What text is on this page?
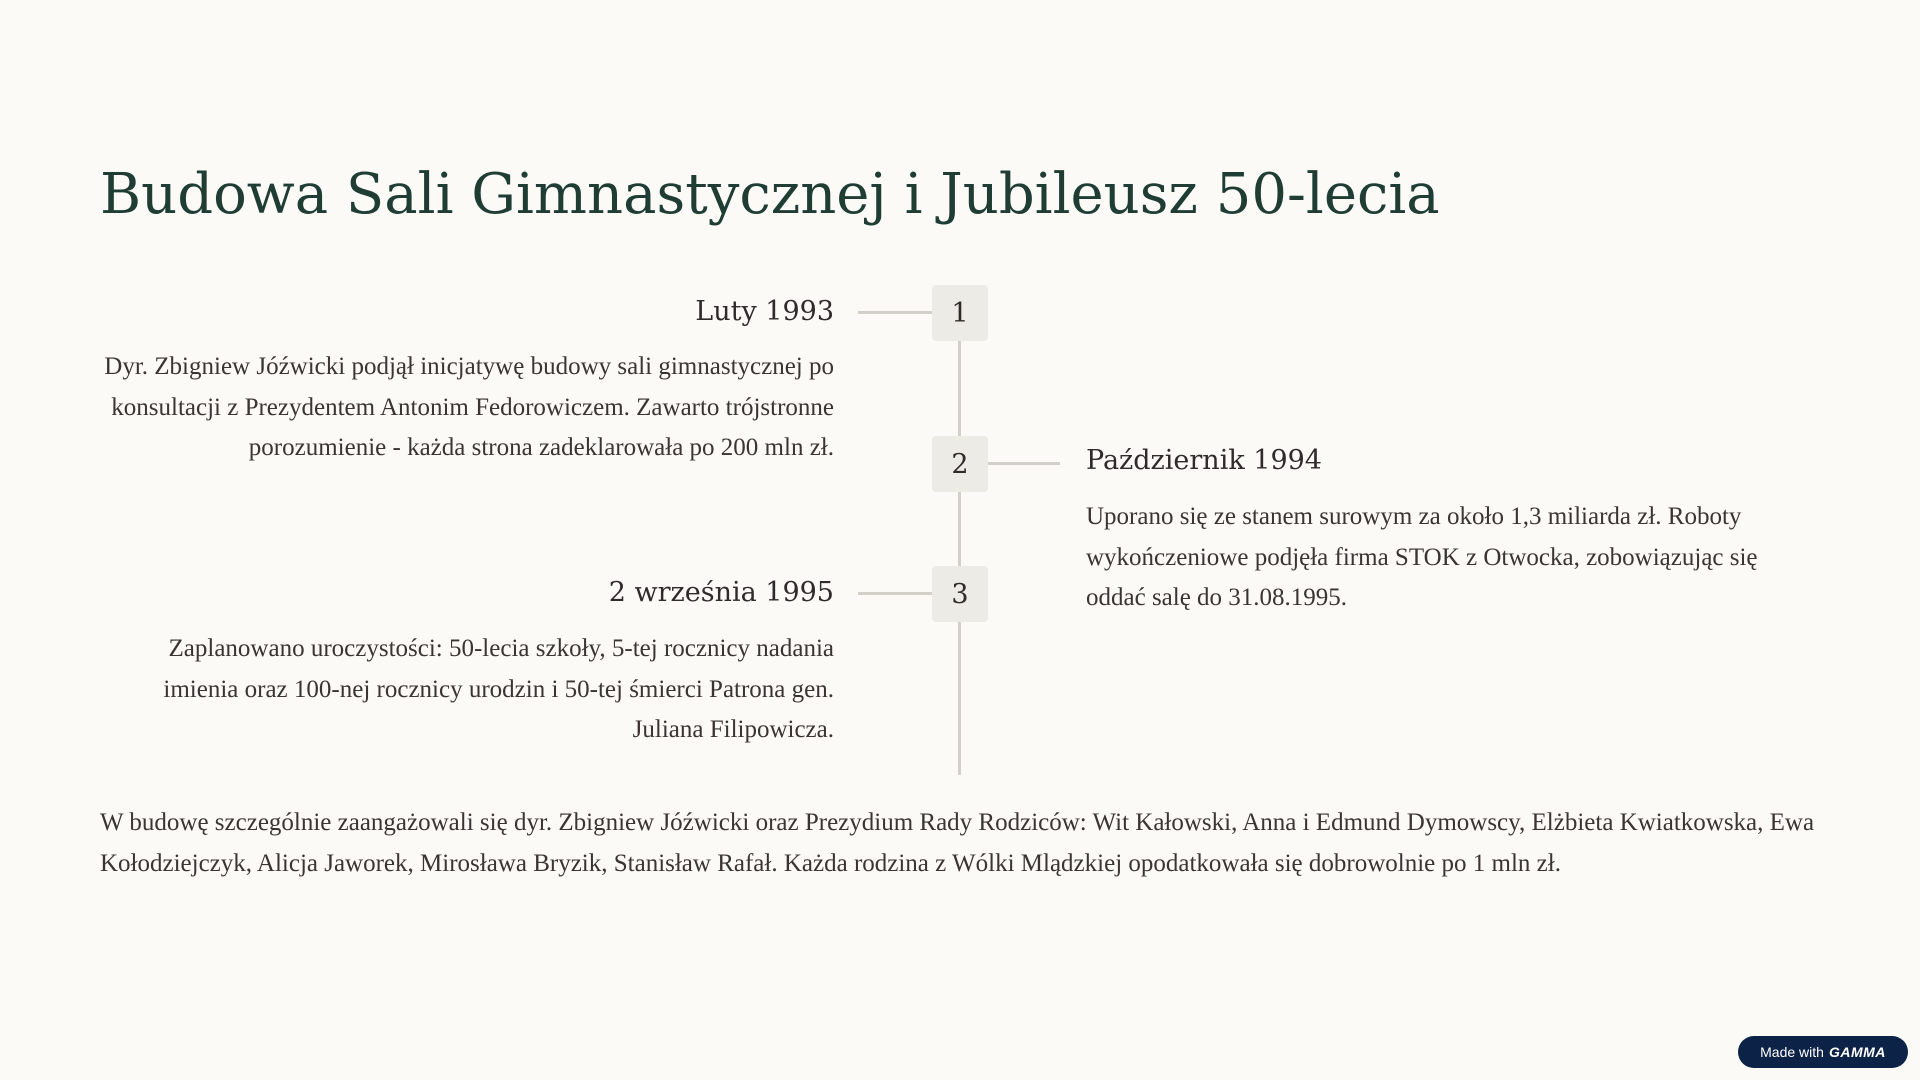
Budowa Sali Gimnastycznej i Jubileusz 50-lecia
1
Luty 1993

Dyr. Zbigniew Jóźwicki podjął inicjatywę budowy sali gimnastycznej po konsultacji z Prezydentem Antonim Fedorowiczem. Zawarto trójstronne porozumienie - każda strona zadeklarowała po 200 mln zł.

2	Październik 1994

Uporano się ze stanem surowym za około 1,3 miliarda zł. Roboty wykończeniowe podjęła firma STOK z Otwocka, zobowiązując się oddać salę do 31.08.1995.

3
2 września 1995

Zaplanowano uroczystości: 50-lecia szkoły, 5-tej rocznicy nadania imienia oraz 100-nej rocznicy urodzin i 50-tej śmierci Patrona gen. Juliana Filipowicza.

W budowę szczególnie zaangażowali się dyr. Zbigniew Jóźwicki oraz Prezydium Rady Rodziców: Wit Kałowski, Anna i Edmund Dymowscy, Elżbieta Kwiatkowska, Ewa Kołodziejczyk, Alicja Jaworek, Mirosława Bryzik, Stanisław Rafał. Każda rodzina z Wólki Mlądzkiej opodatkowała się dobrowolnie po 1 mln zł.

Made with GAMMA
